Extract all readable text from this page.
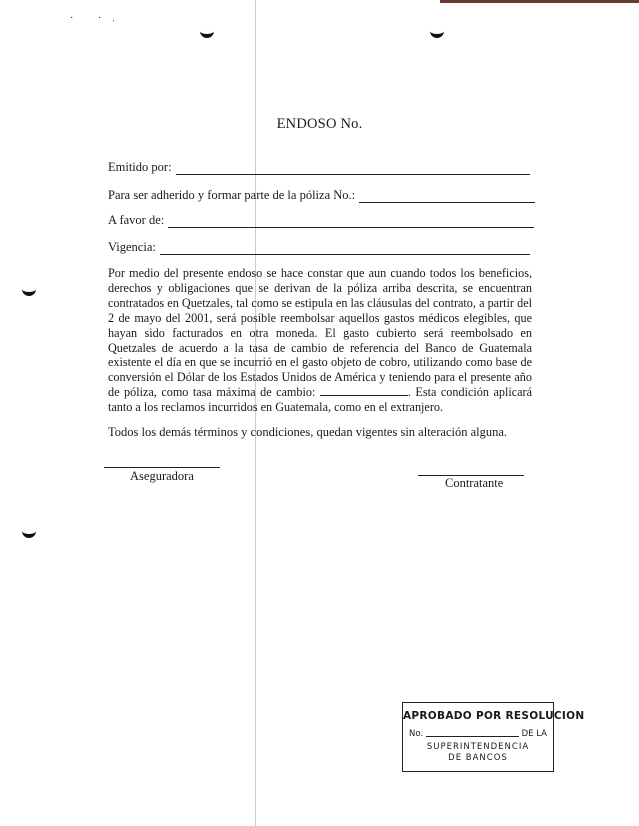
· · ˌ
ENDOSO No.
Emitido por:
Para ser adherido y formar parte de la póliza No.:
A favor de:
Vigencia:

Por medio del presente endoso se hace constar que aun cuando todos los beneficios, derechos y obligaciones que se derivan de la póliza arriba descrita, se encuentran contratados en Quetzales, tal como se estipula en las cláusulas del contrato, a partir del 2 de mayo del 2001, será posible reembolsar aquellos gastos médicos elegibles, que hayan sido facturados en otra moneda. El gasto cubierto será reembolsado en Quetzales de acuerdo a la tasa de cambio de referencia del Banco de Guatemala existente el día en que se incurrió en el gasto objeto de cobro, utilizando como base de conversión el Dólar de los Estados Unidos de América y teniendo para el presente año de póliza, como tasa máxima de cambio:	. Esta condición aplicará tanto a los reclamos incurridos en Guatemala, como en el extranjero.

Todos los demás términos y condiciones, quedan vigentes sin alteración alguna.
Aseguradora	Contratante
APROBADO POR RESOLUCION
No.	DE LA
SUPERINTENDENCIA
DE BANCOS
